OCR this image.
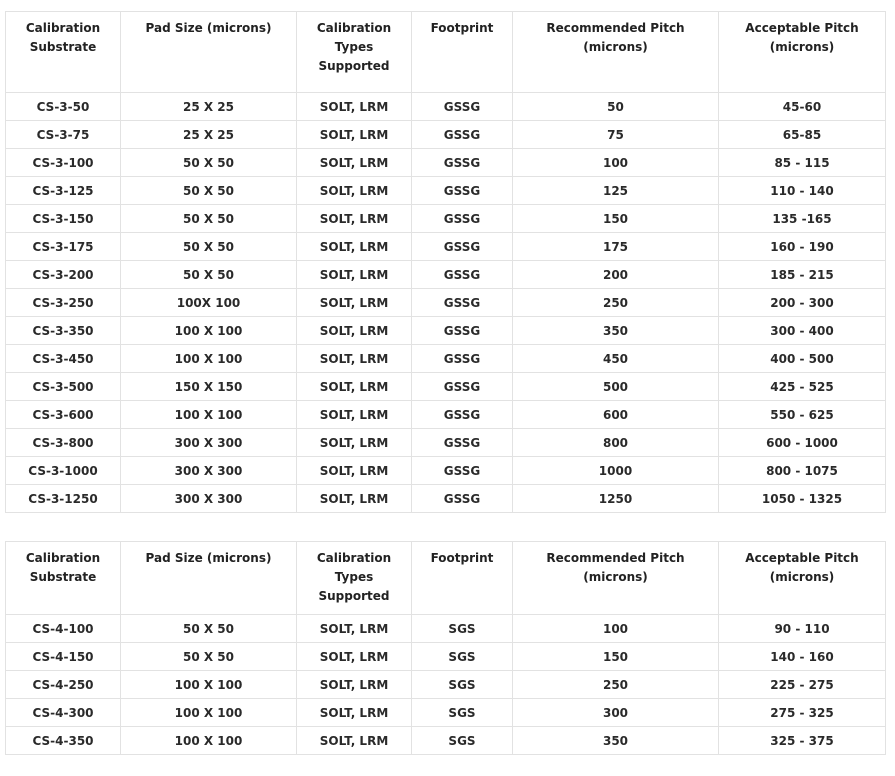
Calibration Substrate	Pad Size (microns)	Calibration Types Supported	Footprint	Recommended Pitch (microns)	Acceptable Pitch (microns)
CS-3-50	25 X 25	SOLT, LRM	GSSG	50	45-60
CS-3-75	25 X 25	SOLT, LRM	GSSG	75	65-85
CS-3-100	50 X 50	SOLT, LRM	GSSG	100	85 - 115
CS-3-125	50 X 50	SOLT, LRM	GSSG	125	110 - 140
CS-3-150	50 X 50	SOLT, LRM	GSSG	150	135 -165
CS-3-175	50 X 50	SOLT, LRM	GSSG	175	160 - 190
CS-3-200	50 X 50	SOLT, LRM	GSSG	200	185 - 215
CS-3-250	100X 100	SOLT, LRM	GSSG	250	200 - 300
CS-3-350	100 X 100	SOLT, LRM	GSSG	350	300 - 400
CS-3-450	100 X 100	SOLT, LRM	GSSG	450	400 - 500
CS-3-500	150 X 150	SOLT, LRM	GSSG	500	425 - 525
CS-3-600	100 X 100	SOLT, LRM	GSSG	600	550 - 625
CS-3-800	300 X 300	SOLT, LRM	GSSG	800	600 - 1000
CS-3-1000	300 X 300	SOLT, LRM	GSSG	1000	800 - 1075
CS-3-1250	300 X 300	SOLT, LRM	GSSG	1250	1050 - 1325

Calibration Substrate	Pad Size (microns)	Calibration Types Supported	Footprint	Recommended Pitch (microns)	Acceptable Pitch (microns)
CS-4-100	50 X 50	SOLT, LRM	SGS	100	90 - 110
CS-4-150	50 X 50	SOLT, LRM	SGS	150	140 - 160
CS-4-250	100 X 100	SOLT, LRM	SGS	250	225 - 275
CS-4-300	100 X 100	SOLT, LRM	SGS	300	275 - 325
CS-4-350	100 X 100	SOLT, LRM	SGS	350	325 - 375
